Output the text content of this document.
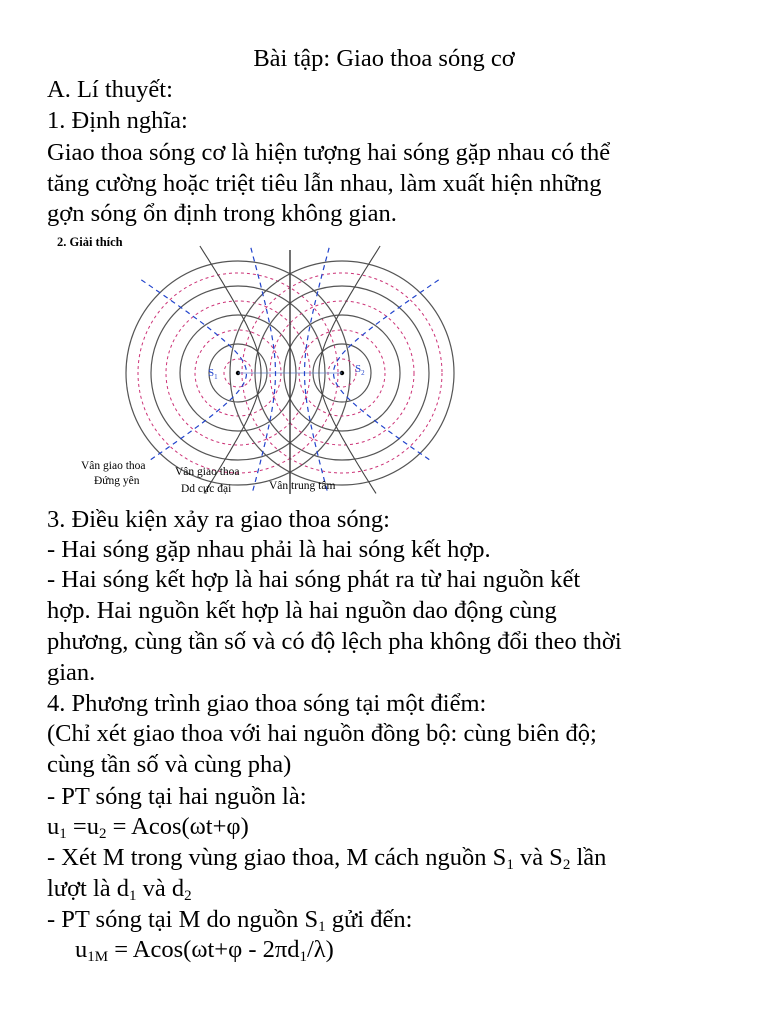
Bài tập: Giao thoa sóng cơ
A. Lí thuyết:
1. Định nghĩa:
Giao thoa sóng cơ là hiện tượng hai sóng gặp nhau có thể
tăng cường hoặc triệt tiêu lẫn nhau, làm xuất hiện những
gợn sóng ổn định trong không gian.
2. Giải thích
$S_1$
$S_2$
Vân giao thoa
Đứng yên
Vân giao thoa
Dd cực đại	Vân trung tâm
3. Điều kiện xảy ra giao thoa sóng:
- Hai sóng gặp nhau phải là hai sóng kết hợp.
- Hai sóng kết hợp là hai sóng phát ra từ hai nguồn kết
hợp. Hai nguồn kết hợp là hai nguồn dao động cùng
phương, cùng tần số và có độ lệch pha không đổi theo thời
gian.
4. Phương trình giao thoa sóng tại một điểm:
(Chỉ xét giao thoa với hai nguồn đồng bộ: cùng biên độ;
cùng tần số và cùng pha)
- PT sóng tại hai nguồn là:
$u_1 =u_2 = Acos(\omega t+\varphi)$
- Xét M trong vùng giao thoa, M cách nguồn $S_1$ và $S_2$ lần
lượt là $d_1$ và $d_2$
- PT sóng tại M do nguồn $S_1$ gửi đến:
$u_{1M} = Acos(\omega t+\varphi - 2\pi d_1/\lambda)$
